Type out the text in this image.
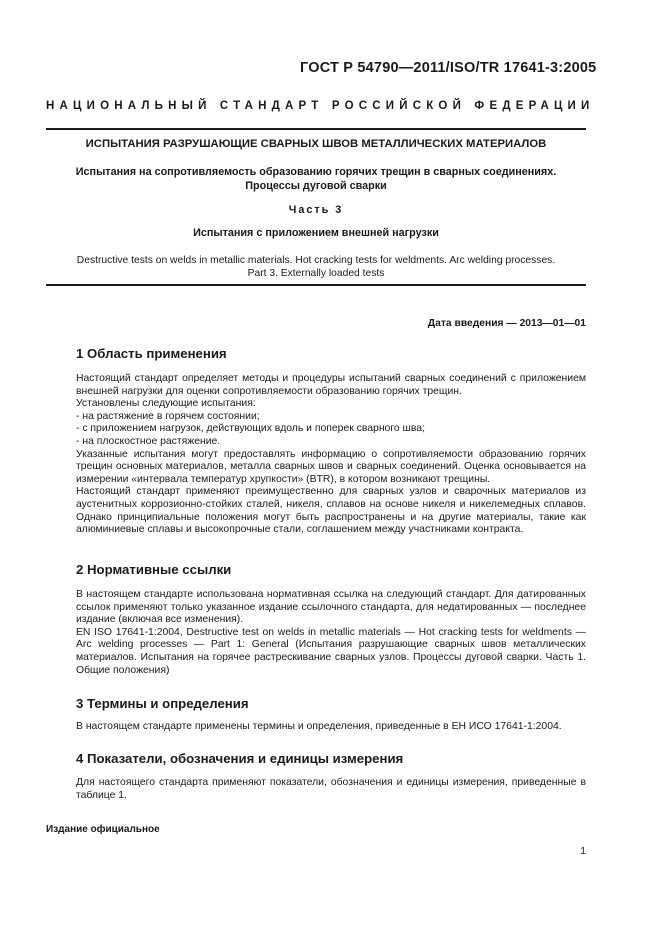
ГОСТ Р 54790—2011/ISO/TR 17641-3:2005
НАЦИОНАЛЬНЫЙ СТАНДАРТ РОССИЙСКОЙ ФЕДЕРАЦИИ
ИСПЫТАНИЯ РАЗРУШАЮЩИЕ СВАРНЫХ ШВОВ МЕТАЛЛИЧЕСКИХ МАТЕРИАЛОВ
Испытания на сопротивляемость образованию горячих трещин в сварных соединениях.
Процессы дуговой сварки
Часть 3
Испытания с приложением внешней нагрузки
Destructive tests on welds in metallic materials. Hot cracking tests for weldments. Arc welding processes.
Part 3. Externally loaded tests
Дата введения — 2013—01—01
1 Область применения
Настоящий стандарт определяет методы и процедуры испытаний сварных соединений с приложением внешней нагрузки для оценки сопротивляемости образованию горячих трещин.
Установлены следующие испытания:
- на растяжение в горячем состоянии;
- с приложением нагрузок, действующих вдоль и поперек сварного шва;
- на плоскостное растяжение.
Указанные испытания могут предоставлять информацию о сопротивляемости образованию горячих трещин основных материалов, металла сварных швов и сварных соединений. Оценка основывается на измерении «интервала температур хрупкости» (BTR), в котором возникают трещины.
Настоящий стандарт применяют преимущественно для сварных узлов и сварочных материалов из аустенитных коррозионно-стойких сталей, никеля, сплавов на основе никеля и никелемедных сплавов. Однако принципиальные положения могут быть распространены и на другие материалы, такие как алюминиевые сплавы и высокопрочные стали, соглашением между участниками контракта.
2 Нормативные ссылки
В настоящем стандарте использована нормативная ссылка на следующий стандарт. Для датированных ссылок применяют только указанное издание ссылочного стандарта, для недатированных — последнее издание (включая все изменения).
EN ISO 17641-1:2004, Destructive test on welds in metallic materials — Hot cracking tests for weldments — Arc welding processes — Part 1: General (Испытания разрушающие сварных швов металлических материалов. Испытания на горячее растрескивание сварных узлов. Процессы дуговой сварки. Часть 1. Общие положения)
3 Термины и определения
В настоящем стандарте применены термины и определения, приведенные в ЕН ИСО 17641-1:2004.
4 Показатели, обозначения и единицы измерения
Для настоящего стандарта применяют показатели, обозначения и единицы измерения, приведенные в таблице 1.
Издание официальное
1
